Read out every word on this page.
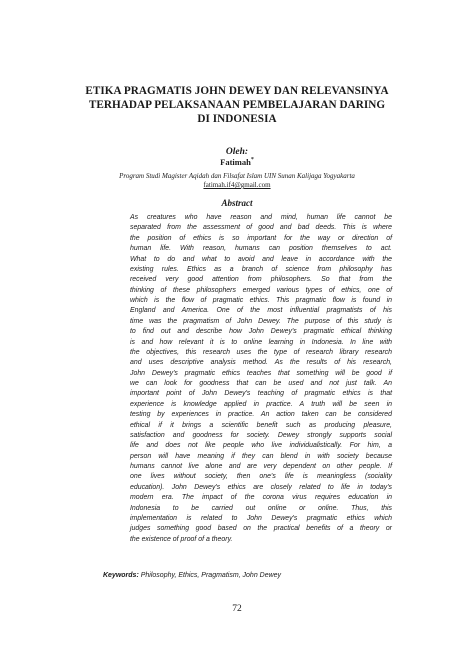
ETIKA PRAGMATIS JOHN DEWEY DAN RELEVANSINYA
TERHADAP PELAKSANAAN PEMBELAJARAN DARING
DI INDONESIA
Oleh:
Fatimah*
Program Studi Magister Aqidah dan Filsafat Islam UIN Sunan Kalijaga Yogyakarta
fatimah.if4@gmail.com
Abstract
As creatures who have reason and mind, human life cannot be
separated from the assessment of good and bad deeds. This is where
the position of ethics is so important for the way or direction of
human life. With reason, humans can position themselves to act.
What to do and what to avoid and leave in accordance with the
existing rules. Ethics as a branch of science from philosophy has
received very good attention from philosophers. So that from the
thinking of these philosophers emerged various types of ethics, one of
which is the flow of pragmatic ethics. This pragmatic flow is found in
England and America. One of the most influential pragmatists of his
time was the pragmatism of John Dewey. The purpose of this study is
to find out and describe how John Dewey's pragmatic ethical thinking
is and how relevant it is to online learning in Indonesia. In line with
the objectives, this research uses the type of research library research
and uses descriptive analysis method. As the results of his research,
John Dewey's pragmatic ethics teaches that something will be good if
we can look for goodness that can be used and not just talk. An
important point of John Dewey's teaching of pragmatic ethics is that
experience is knowledge applied in practice. A truth will be seen in
testing by experiences in practice. An action taken can be considered
ethical if it brings a scientific benefit such as producing pleasure,
satisfaction and goodness for society. Dewey strongly supports social
life and does not like people who live individualistically. For him, a
person will have meaning if they can blend in with society because
humans cannot live alone and are very dependent on other people. If
one lives without society, then one's life is meaningless (sociality
education). John Dewey's ethics are closely related to life in today's
modern era. The impact of the corona virus requires education in
Indonesia to be carried out online or online. Thus, this
implementation is related to John Dewey's pragmatic ethics which
judges something good based on the practical benefits of a theory or
the existence of proof of a theory.
Keywords: Philosophy, Ethics, Pragmatism, John Dewey
72
